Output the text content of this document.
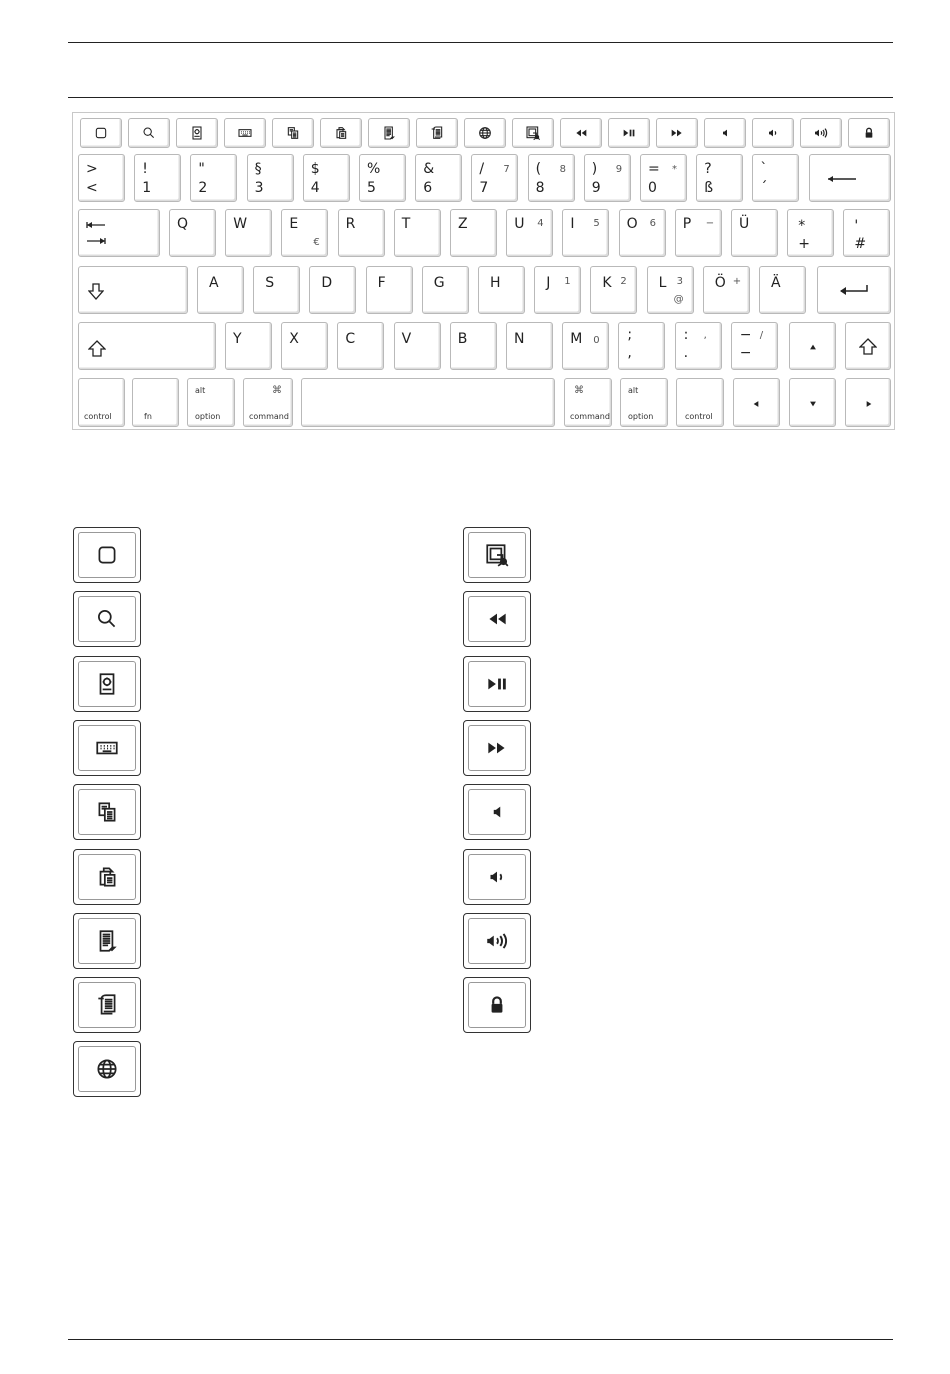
>
<
!
1
"
2
§
3
$
4
%
5
&
6
/
7
7 (
8
8 )
9
9 =
0
* ?
ß
`
´
Q	W	E
€
R	T	Z	U 4 I 5 O 6 P − Ü	*
+
'
#
A	S	D	F	G	H	J 1 K 2 L 3
@
Ö + Ä
Y	X	C	V	B	N	M 0 ;
,
:
.
, −
−
/
control	fn
alt
option
⌘
command
⌘
command
alt
option	control
